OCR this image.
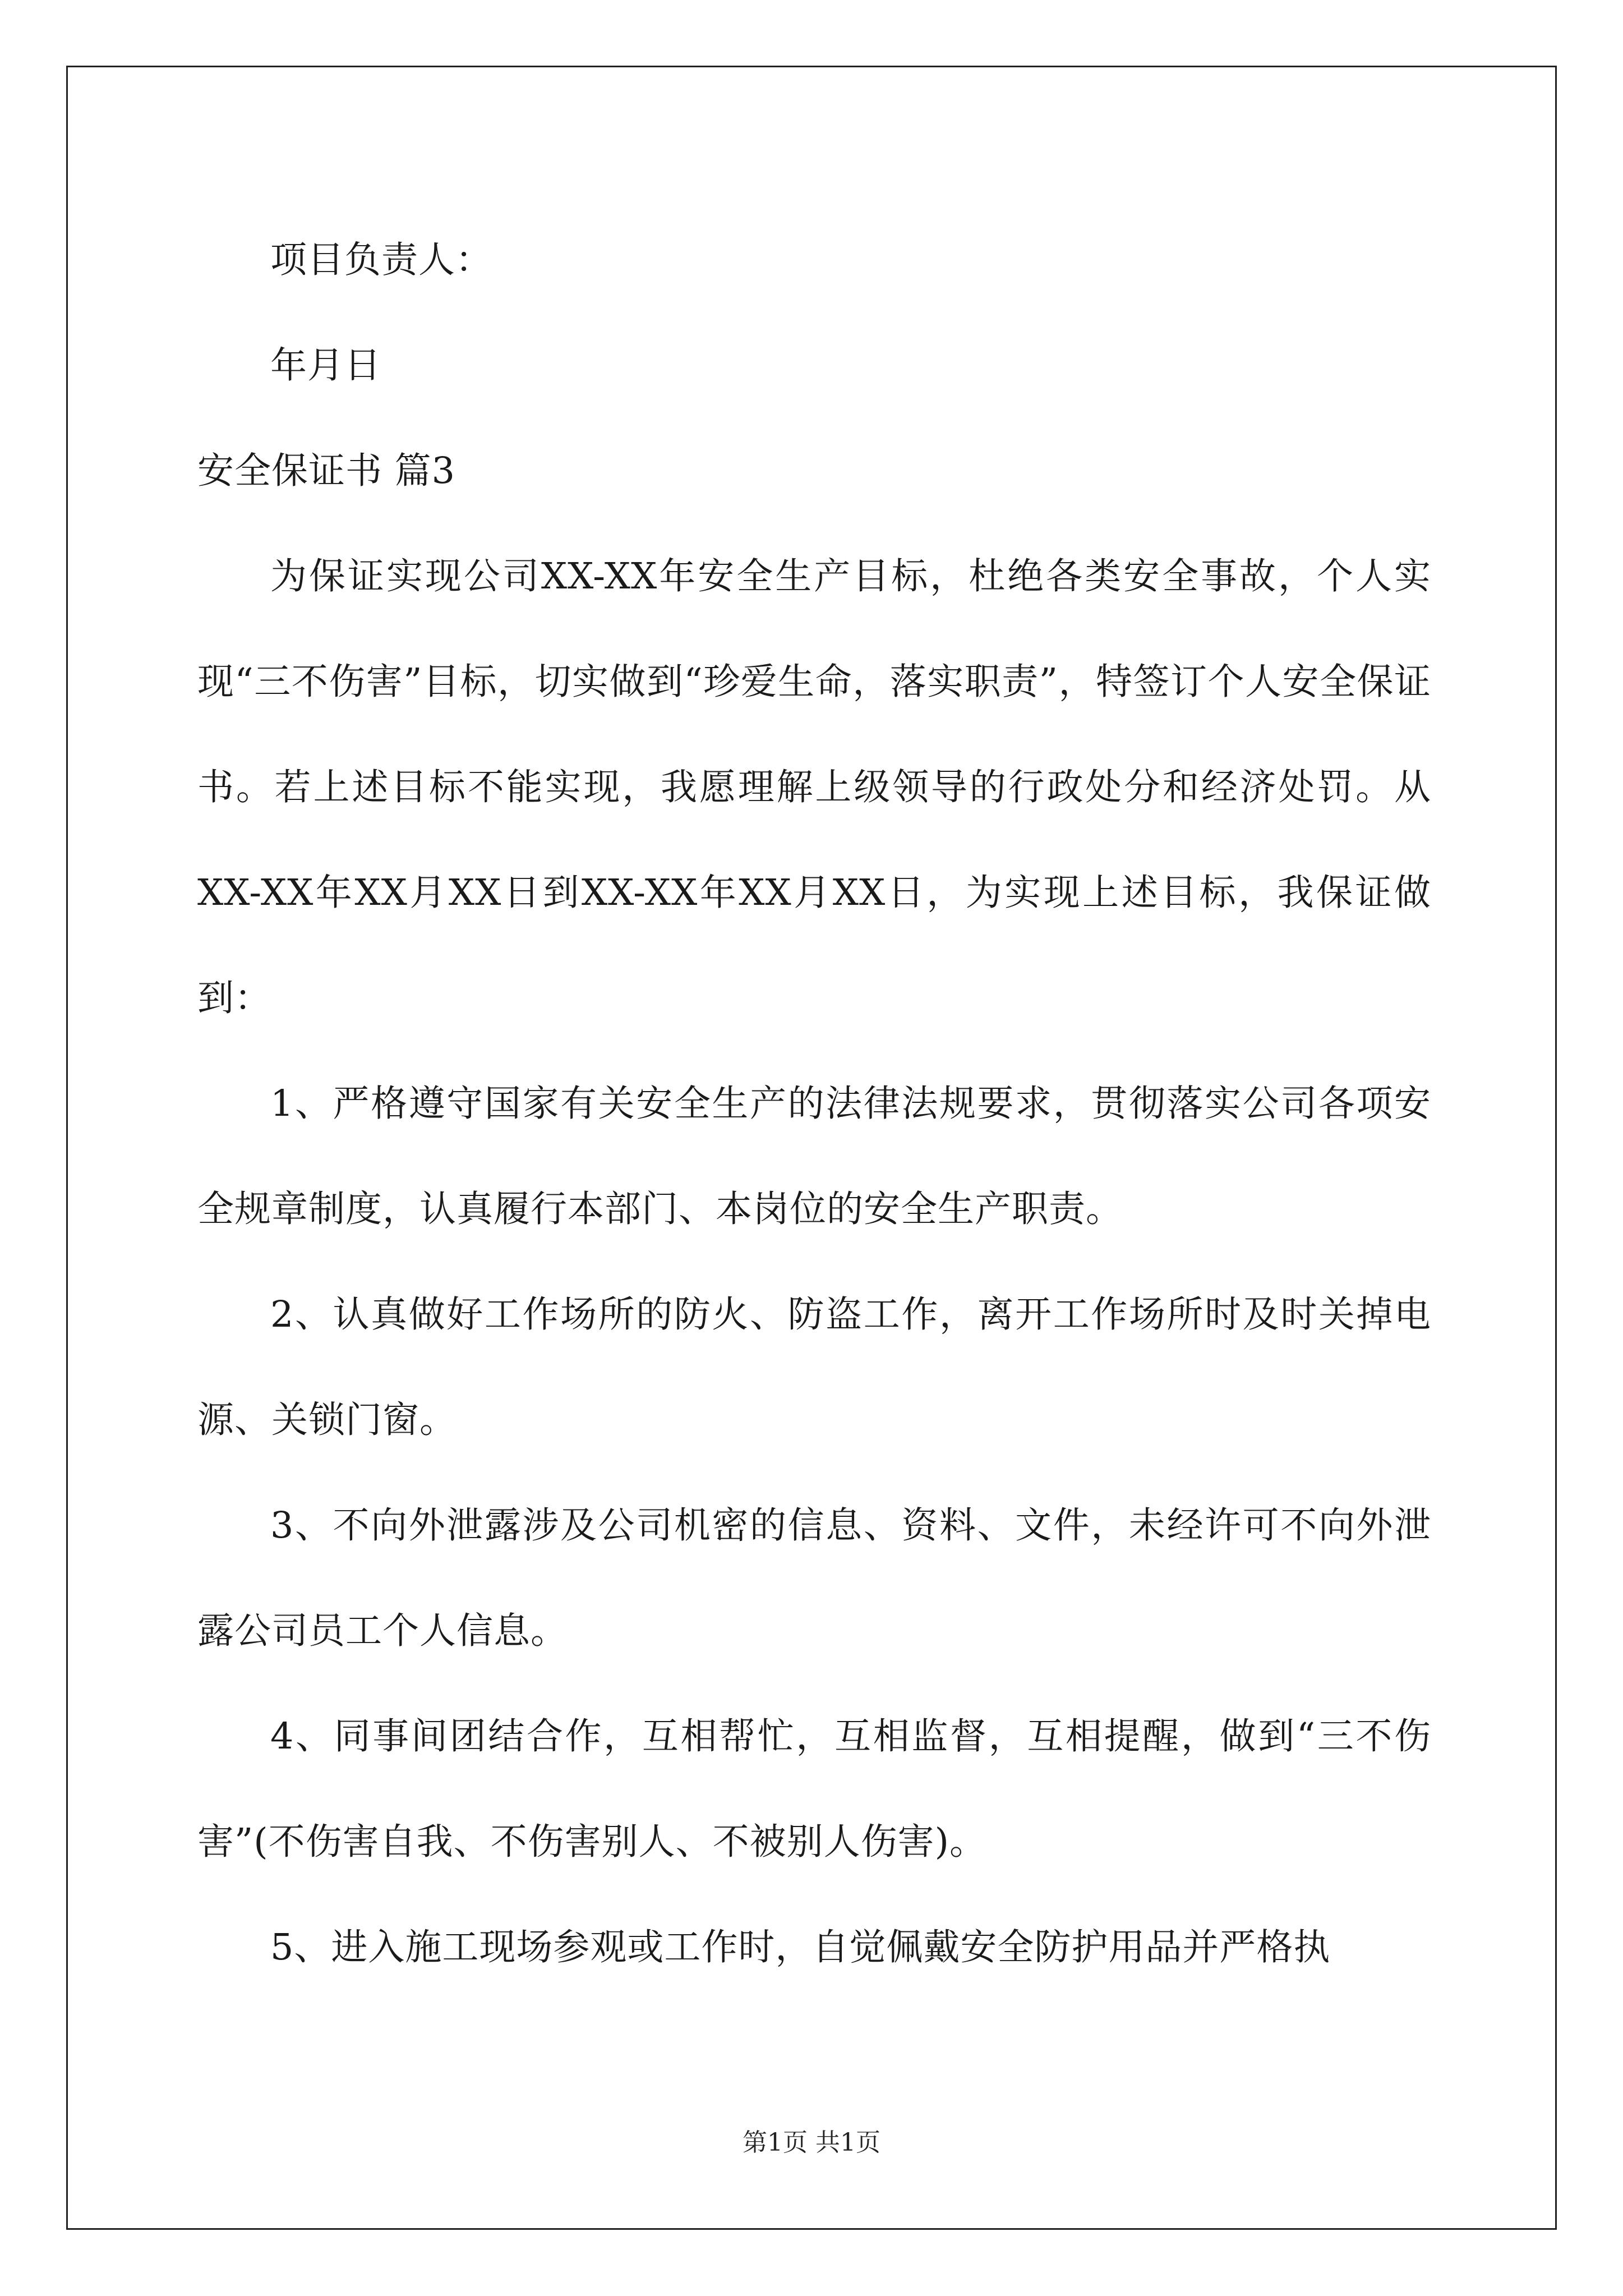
项目负责人：

年月日

安全保证书 篇3

为保证实现公司XX-XX年安全生产目标，杜绝各类安全事故，个人实现“三不伤害”目标，切实做到“珍爱生命，落实职责”，特签订个人安全保证书。若上述目标不能实现，我愿理解上级领导的行政处分和经济处罚。从XX-XX年XX月XX日到XX-XX年XX月XX日，为实现上述目标，我保证做到：

1、严格遵守国家有关安全生产的法律法规要求，贯彻落实公司各项安全规章制度，认真履行本部门、本岗位的安全生产职责。

2、认真做好工作场所的防火、防盗工作，离开工作场所时及时关掉电源、关锁门窗。

3、不向外泄露涉及公司机密的信息、资料、文件，未经许可不向外泄露公司员工个人信息。

4、同事间团结合作，互相帮忙，互相监督，互相提醒，做到“三不伤害”(不伤害自我、不伤害别人、不被别人伤害)。

5、进入施工现场参观或工作时，自觉佩戴安全防护用品并严格执

第1页 共1页
